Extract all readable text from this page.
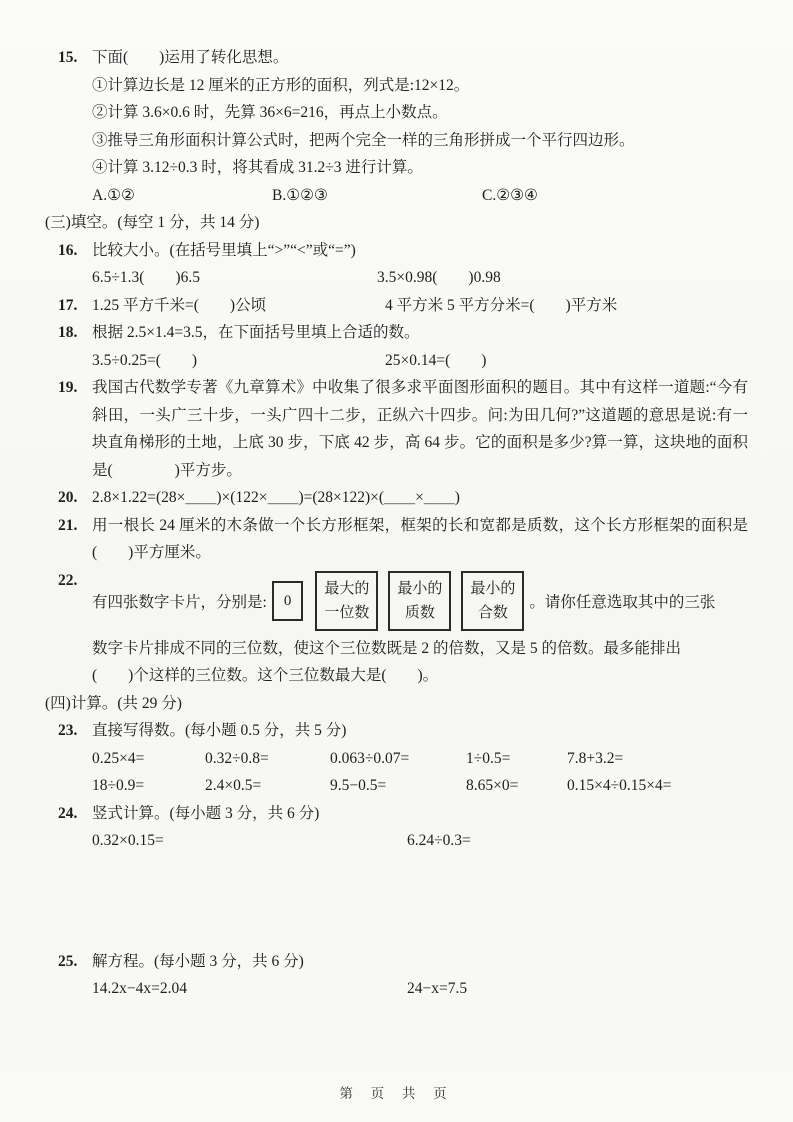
15. 下面(　　)运用了转化思想。
①计算边长是 12 厘米的正方形的面积，列式是:12×12。
②计算 3.6×0.6 时，先算 36×6=216，再点上小数点。
③推导三角形面积计算公式时，把两个完全一样的三角形拼成一个平行四边形。
④计算 3.12÷0.3 时，将其看成 31.2÷3 进行计算。
A.①②	B.①②③	C.②③④
(三)填空。(每空 1 分，共 14 分)
16. 比较大小。(在括号里填上“>”“<”或“=”)
6.5÷1.3(　　)6.5	3.5×0.98(　　)0.98
17. 1.25 平方千米=(　　)公顷	4 平方米 5 平方分米=(　　)平方米
18. 根据 2.5×1.4=3.5，在下面括号里填上合适的数。
3.5÷0.25=(　　)	25×0.14=(　　)
19. 我国古代数学专著《九章算术》中收集了很多求平面图形面积的题目。其中有这样一道题:“今有斜田，一头广三十步，一头广四十二步，正纵六十四步。问:为田几何?”这道题的意思是说:有一块直角梯形的土地，上底 30 步，下底 42 步，高 64 步。它的面积是多少?算一算，这块地的面积是(　　　　)平方步。
20. 2.8×1.22=(28×＿＿)×(122×＿＿)=(28×122)×(＿＿×＿＿)
21. 用一根长 24 厘米的木条做一个长方形框架，框架的长和宽都是质数，这个长方形框架的面积是(　　)平方厘米。
22.
有四张数字卡片，分别是: 0
最大的
一位数
最小的
质数
最小的
合数
。请你任意选取其中的三张
数字卡片排成不同的三位数，使这个三位数既是 2 的倍数，又是 5 的倍数。最多能排出
(　　)个这样的三位数。这个三位数最大是(　　)。
(四)计算。(共 29 分)
23. 直接写得数。(每小题 0.5 分，共 5 分)
0.25×4=	0.32÷0.8=	0.063÷0.07=	1÷0.5=	7.8+3.2=
18÷0.9=	2.4×0.5=	9.5−0.5=	8.65×0=	0.15×4÷0.15×4=
24. 竖式计算。(每小题 3 分，共 6 分)
0.32×0.15=	6.24÷0.3=
25. 解方程。(每小题 3 分，共 6 分)
14.2x−4x=2.04	24−x=7.5
第 页 共 页
